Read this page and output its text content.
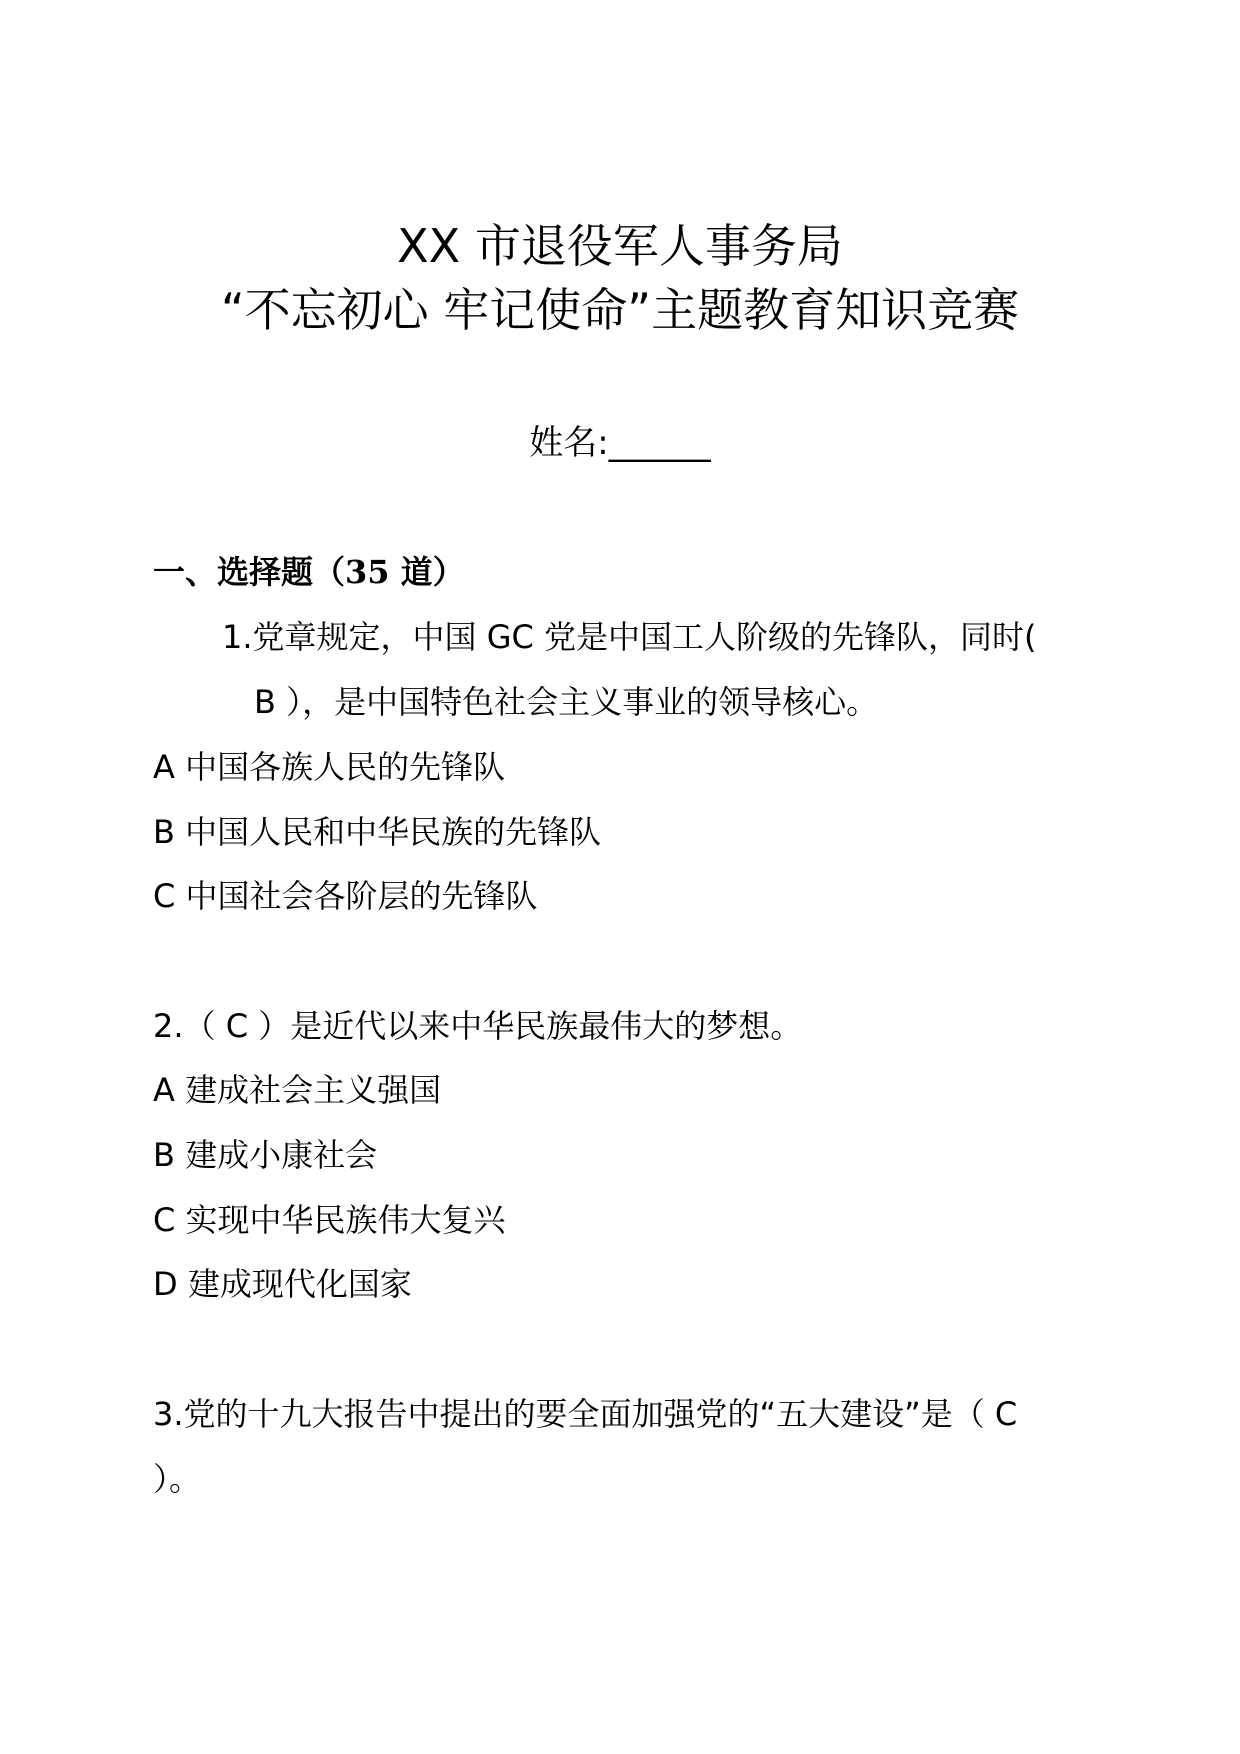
XX 市退役军人事务局
“不忘初心 牢记使命”主题教育知识竞赛
姓名:______
一、选择题（35 道）
1.党章规定，中国 GC 党是中国工人阶级的先锋队，同时(
B ），是中国特色社会主义事业的领导核心。
A 中国各族人民的先锋队
B 中国人民和中华民族的先锋队
C 中国社会各阶层的先锋队
2.（ C ）是近代以来中华民族最伟大的梦想。
A 建成社会主义强国
B 建成小康社会
C 实现中华民族伟大复兴
D 建成现代化国家
3.党的十九大报告中提出的要全面加强党的“五大建设”是（ C
）。
